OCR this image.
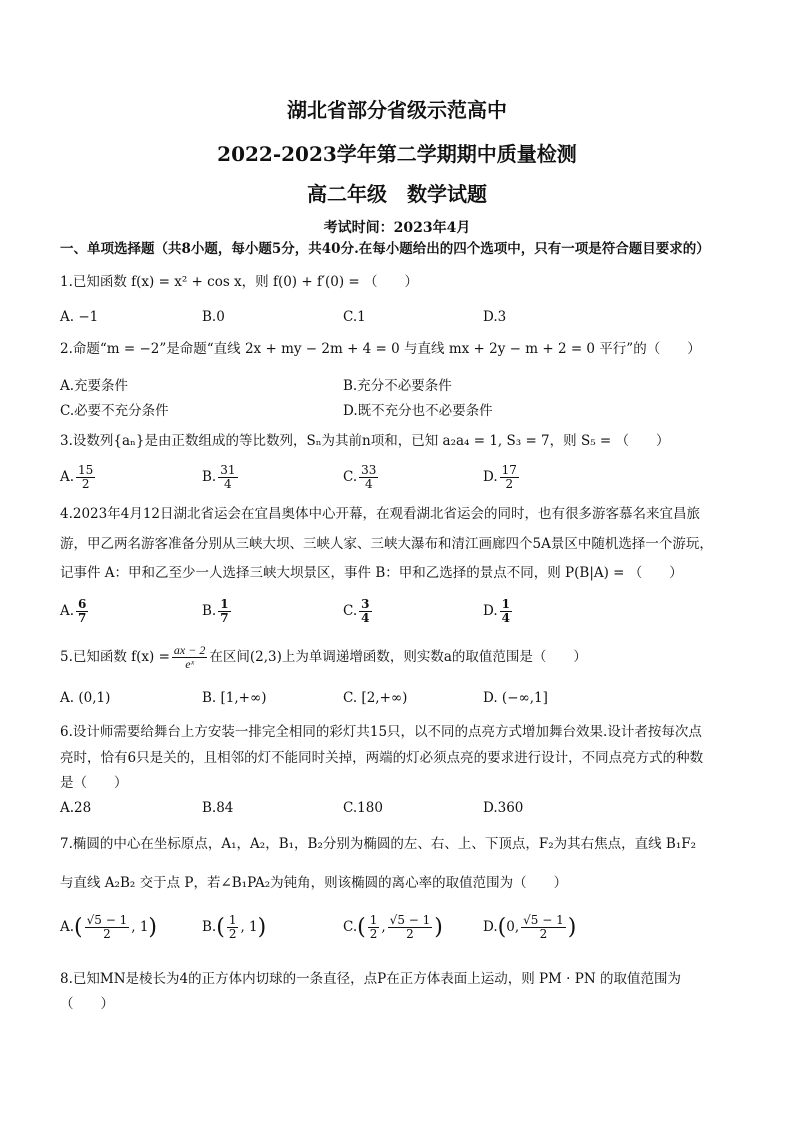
湖北省部分省级示范高中
2022-2023学年第二学期期中质量检测
高二年级　数学试题
考试时间：2023年4月
一、单项选择题（共8小题，每小题5分，共40分.在每小题给出的四个选项中，只有一项是符合题目要求的）
1.已知函数 f(x) = x² + cos x，则 f(0) + f′(0) = （　　）
A. −1	B.0	C.1	D.3
2.命题“m = −2”是命题“直线 2x + my − 2m + 4 = 0 与直线 mx + 2y − m + 2 = 0 平行”的（　　）
A.充要条件	B.充分不必要条件
C.必要不充分条件	D.既不充分也不必要条件
3.设数列{aₙ}是由正数组成的等比数列，Sₙ为其前n项和，已知 a₂a₄ = 1, S₃ = 7，则 S₅ = （　　）
A. $\frac{15}{2}$	B. $\frac{31}{4}$	C. $\frac{33}{4}$	D. $\frac{17}{2}$
4.2023年4月12日湖北省运会在宜昌奥体中心开幕，在观看湖北省运会的同时，也有很多游客慕名来宜昌旅
游，甲乙两名游客准备分别从三峡大坝、三峡人家、三峡大瀑布和清江画廊四个5A景区中随机选择一个游玩，
记事件 A：甲和乙至少一人选择三峡大坝景区，事件 B：甲和乙选择的景点不同，则 P(B|A) = （　　）
A. $\frac{6}{7}$	B. $\frac{1}{7}$	C. $\frac{3}{4}$	D. $\frac{1}{4}$
5.已知函数 $f(x) = \frac{ax - 2}{\text{eˣ}}$ 在区间(2,3)上为单调递增函数，则实数a的取值范围是（　　）
A. (0,1)	B. [1,+∞)	C. [2,+∞)	D. (−∞,1]
6.设计师需要给舞台上方安装一排完全相同的彩灯共15只，以不同的点亮方式增加舞台效果.设计者按每次点
亮时，恰有6只是关的，且相邻的灯不能同时关掉，两端的灯必须点亮的要求进行设计，不同点亮方式的种数
是（　　）
A.28	B.84	C.180	D.360
7.椭圆的中心在坐标原点，A₁，A₂，B₁，B₂分别为椭圆的左、右、上、下顶点，F₂为其右焦点，直线 B₁F₂
与直线 A₂B₂ 交于点 P，若∠B₁PA₂为钝角，则该椭圆的离心率的取值范围为（　　）
$A.( \frac{√5 - 1}{2}$ , 1)	$B.( \frac{1}{2}$ , 1)	$C.( \frac{1}{2}$ , $\frac{√5 - 1}{2}$ )	D.(0, $\frac{√5 - 1}{2}$ )
8.已知MN是棱长为4的正方体内切球的一条直径，点P在正方体表面上运动，则 PM · PN 的取值范围为
（　　）
